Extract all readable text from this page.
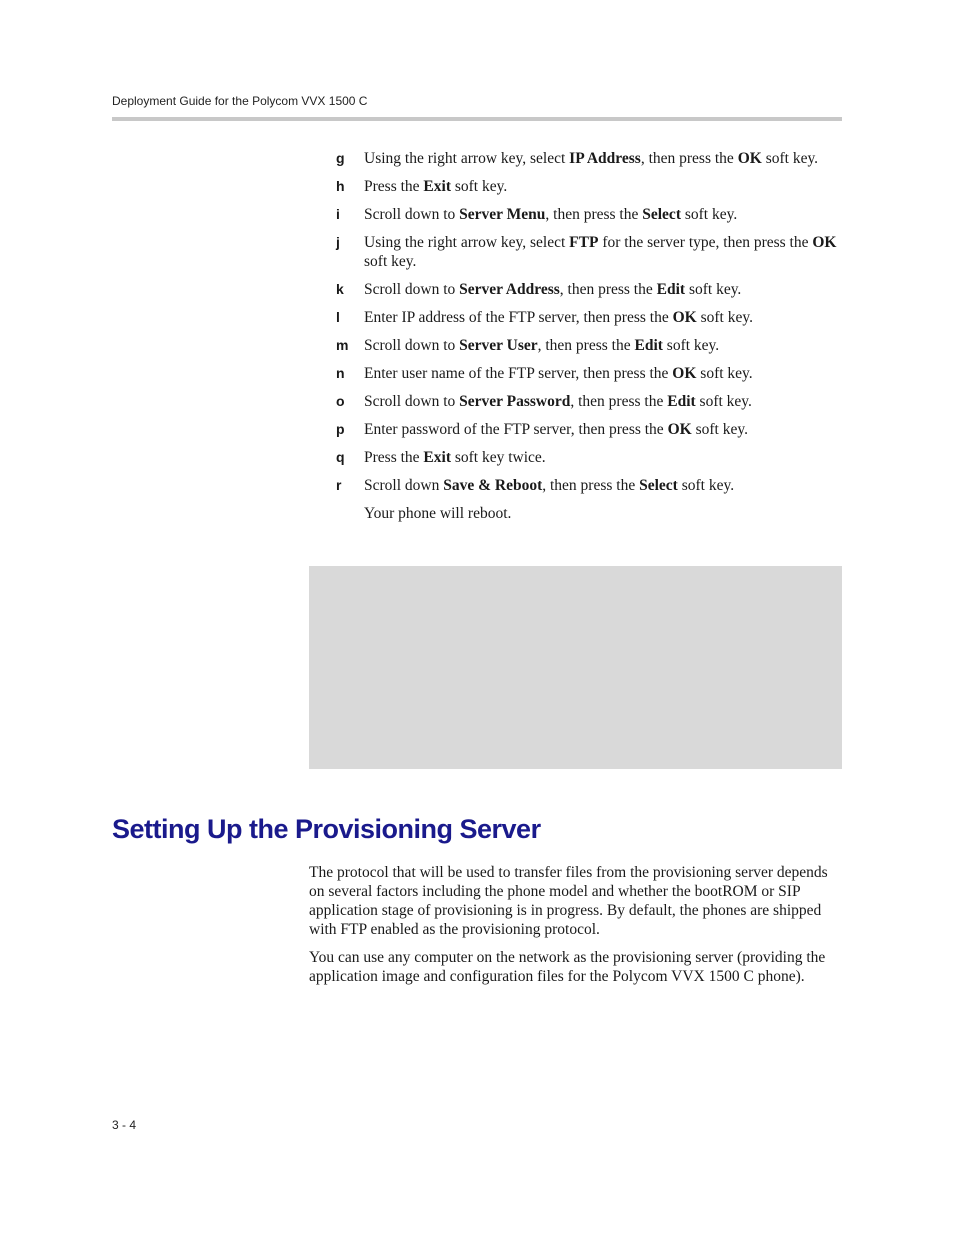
Deployment Guide for the Polycom VVX 1500 C
g Using the right arrow key, select IP Address, then press the OK soft key.
h Press the Exit soft key.
i Scroll down to Server Menu, then press the Select soft key.
j Using the right arrow key, select FTP for the server type, then press the OK soft key.
k Scroll down to Server Address, then press the Edit soft key.
l Enter IP address of the FTP server, then press the OK soft key.
m Scroll down to Server User, then press the Edit soft key.
n Enter user name of the FTP server, then press the OK soft key.
o Scroll down to Server Password, then press the Edit soft key.
p Enter password of the FTP server, then press the OK soft key.
q Press the Exit soft key twice.
r Scroll down Save & Reboot, then press the Select soft key.
Your phone will reboot.
Setting Up the Provisioning Server

The protocol that will be used to transfer files from the provisioning server depends on several factors including the phone model and whether the bootROM or SIP application stage of provisioning is in progress. By default, the phones are shipped with FTP enabled as the provisioning protocol.

You can use any computer on the network as the provisioning server (providing the application image and configuration files for the Polycom VVX 1500 C phone).

3 - 4
